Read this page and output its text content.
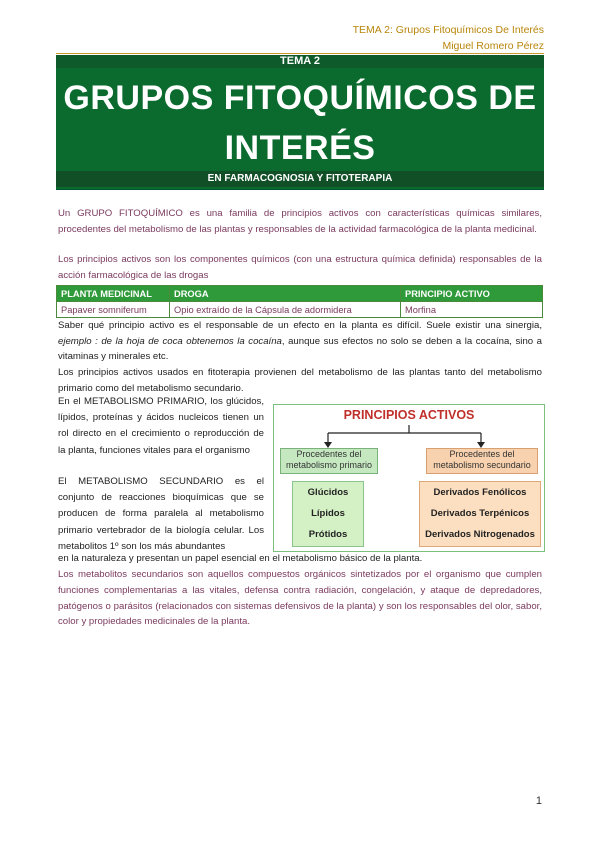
TEMA 2: Grupos Fitoquímicos De Interés
Miguel Romero Pérez
TEMA 2
GRUPOS FITOQUÍMICOS DE
INTERÉS
EN FARMACOGNOSIA Y FITOTERAPIA
Un GRUPO FITOQUÍMICO es una familia de principios activos con características químicas similares, procedentes del metabolismo de las plantas y responsables de la actividad farmacológica de la planta medicinal.
Los principios activos son los componentes químicos (con una estructura química definida) responsables de la acción farmacológica de las drogas
PLANTA MEDICINAL	DROGA	PRINCIPIO ACTIVO
Papaver somniferum	Opio extraído de la Cápsula de adormidera	Morfina
Saber qué principio activo es el responsable de un efecto en la planta es difícil. Suele existir una sinergia, ejemplo : de la hoja de coca obtenemos la cocaína, aunque sus efectos no solo se deben a la cocaína, sino a vitaminas y minerales etc.
Los principios activos usados en fitoterapia provienen del metabolismo de las plantas tanto del metabolismo primario como del metabolismo secundario.
En el METABOLISMO PRIMARIO, los glúcidos, lípidos, proteínas y ácidos nucleicos tienen un rol directo en el crecimiento o reproducción de la planta, funciones vitales para el organismo
El METABOLISMO SECUNDARIO es el conjunto de reacciones bioquímicas que se producen de forma paralela al metabolismo primario vertebrador de la biología celular. Los metabolitos 1º son los más abundantes
en la naturaleza y presentan un papel esencial en el metabolismo básico de la planta.
Los metabolitos secundarios son aquellos compuestos orgánicos sintetizados por el organismo que cumplen funciones complementarias a las vitales, defensa contra radiación, congelación, y ataque de depredadores, patógenos o parásitos (relacionados con sistemas defensivos de la planta) y son los responsables del olor, sabor, color y propiedades medicinales de la planta.
PRINCIPIOS ACTIVOS
Procedentes del metabolismo primario
Procedentes del metabolismo secundario
Glúcidos
Lípidos
Prótidos
Derivados Fenólicos
Derivados Terpénicos
Derivados Nitrogenados
1
